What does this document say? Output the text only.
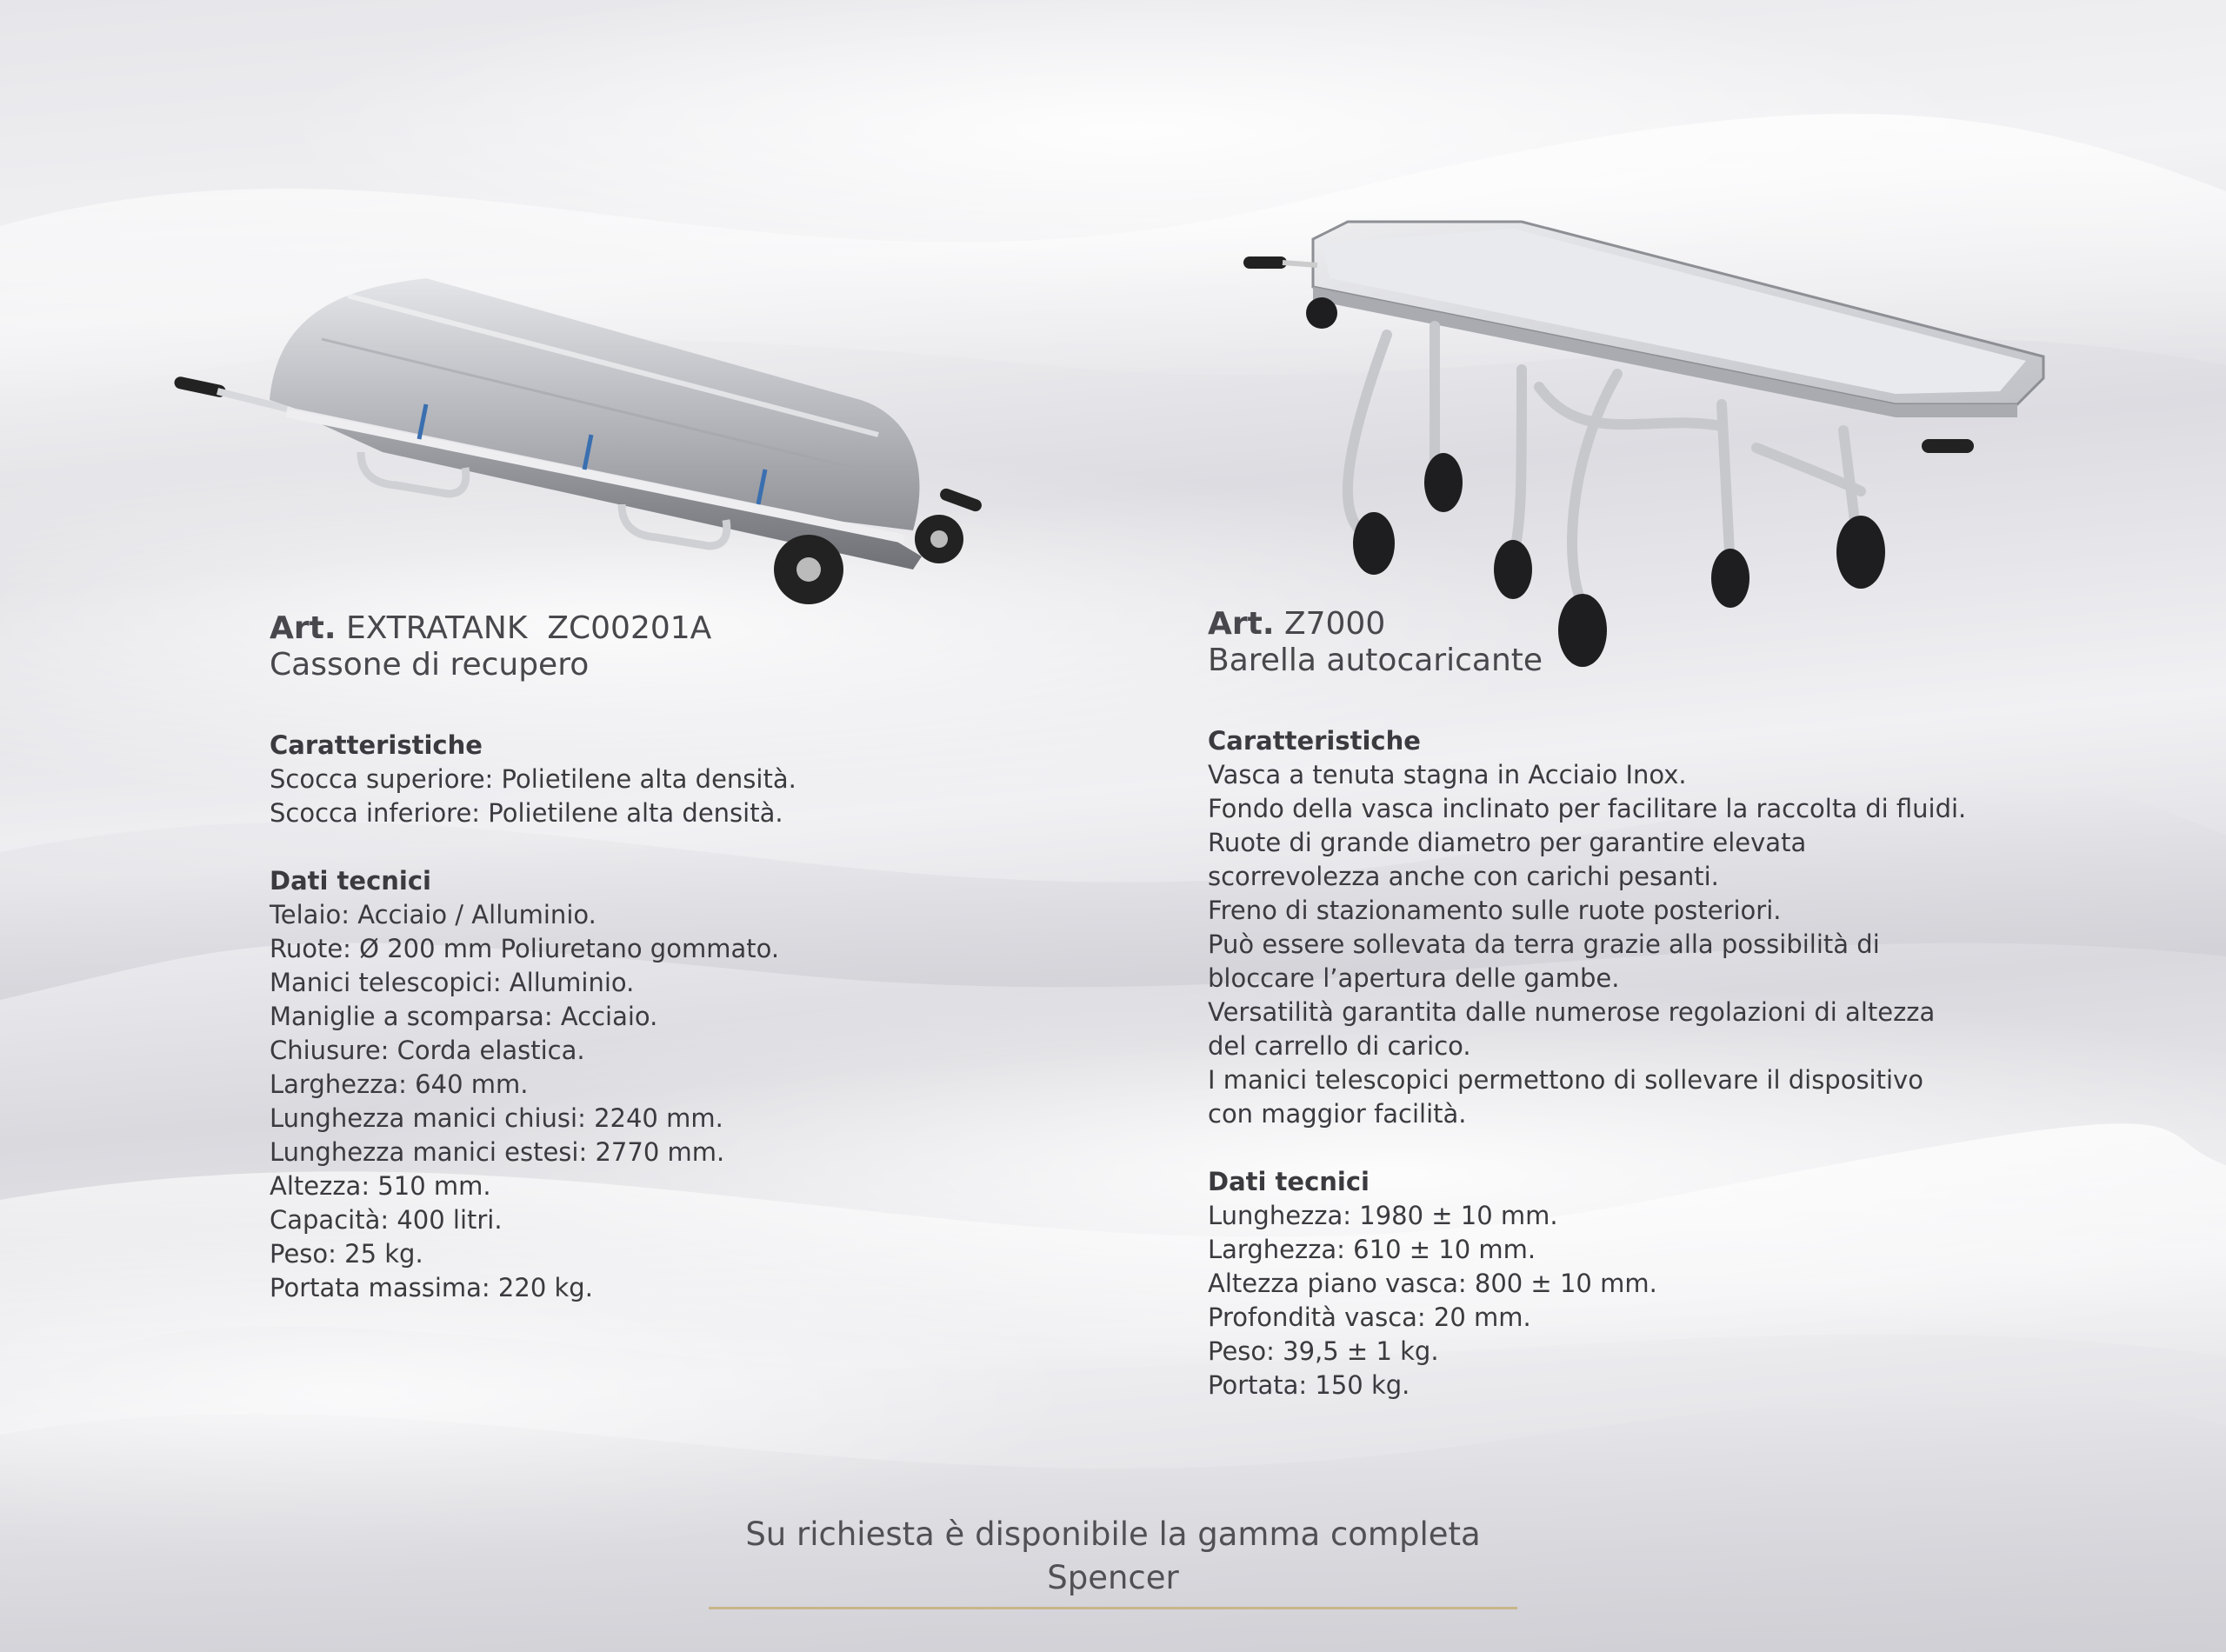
Art. EXTRATANK  ZC00201A
Cassone di recupero
Caratteristiche
Scocca superiore: Polietilene alta densità.
Scocca inferiore: Polietilene alta densità.
Dati tecnici
Telaio: Acciaio / Alluminio.
Ruote: Ø 200 mm Poliuretano gommato.
Manici telescopici: Alluminio.
Maniglie a scomparsa: Acciaio.
Chiusure: Corda elastica.
Larghezza: 640 mm.
Lunghezza manici chiusi: 2240 mm.
Lunghezza manici estesi: 2770 mm.
Altezza: 510 mm.
Capacità: 400 litri.
Peso: 25 kg.
Portata massima: 220 kg.
Art. Z7000
Barella autocaricante
Caratteristiche
Vasca a tenuta stagna in Acciaio Inox.
Fondo della vasca inclinato per facilitare la raccolta di fluidi.
Ruote di grande diametro per garantire elevata
scorrevolezza anche con carichi pesanti.
Freno di stazionamento sulle ruote posteriori.
Può essere sollevata da terra grazie alla possibilità di
bloccare l’apertura delle gambe.
Versatilità garantita dalle numerose regolazioni di altezza
del carrello di carico.
I manici telescopici permettono di sollevare il dispositivo
con maggior facilità.
Dati tecnici
Lunghezza: 1980 ± 10 mm.
Larghezza: 610 ± 10 mm.
Altezza piano vasca: 800 ± 10 mm.
Profondità vasca: 20 mm.
Peso: 39,5 ± 1 kg.
Portata: 150 kg.
Su richiesta è disponibile la gamma completa Spencer
